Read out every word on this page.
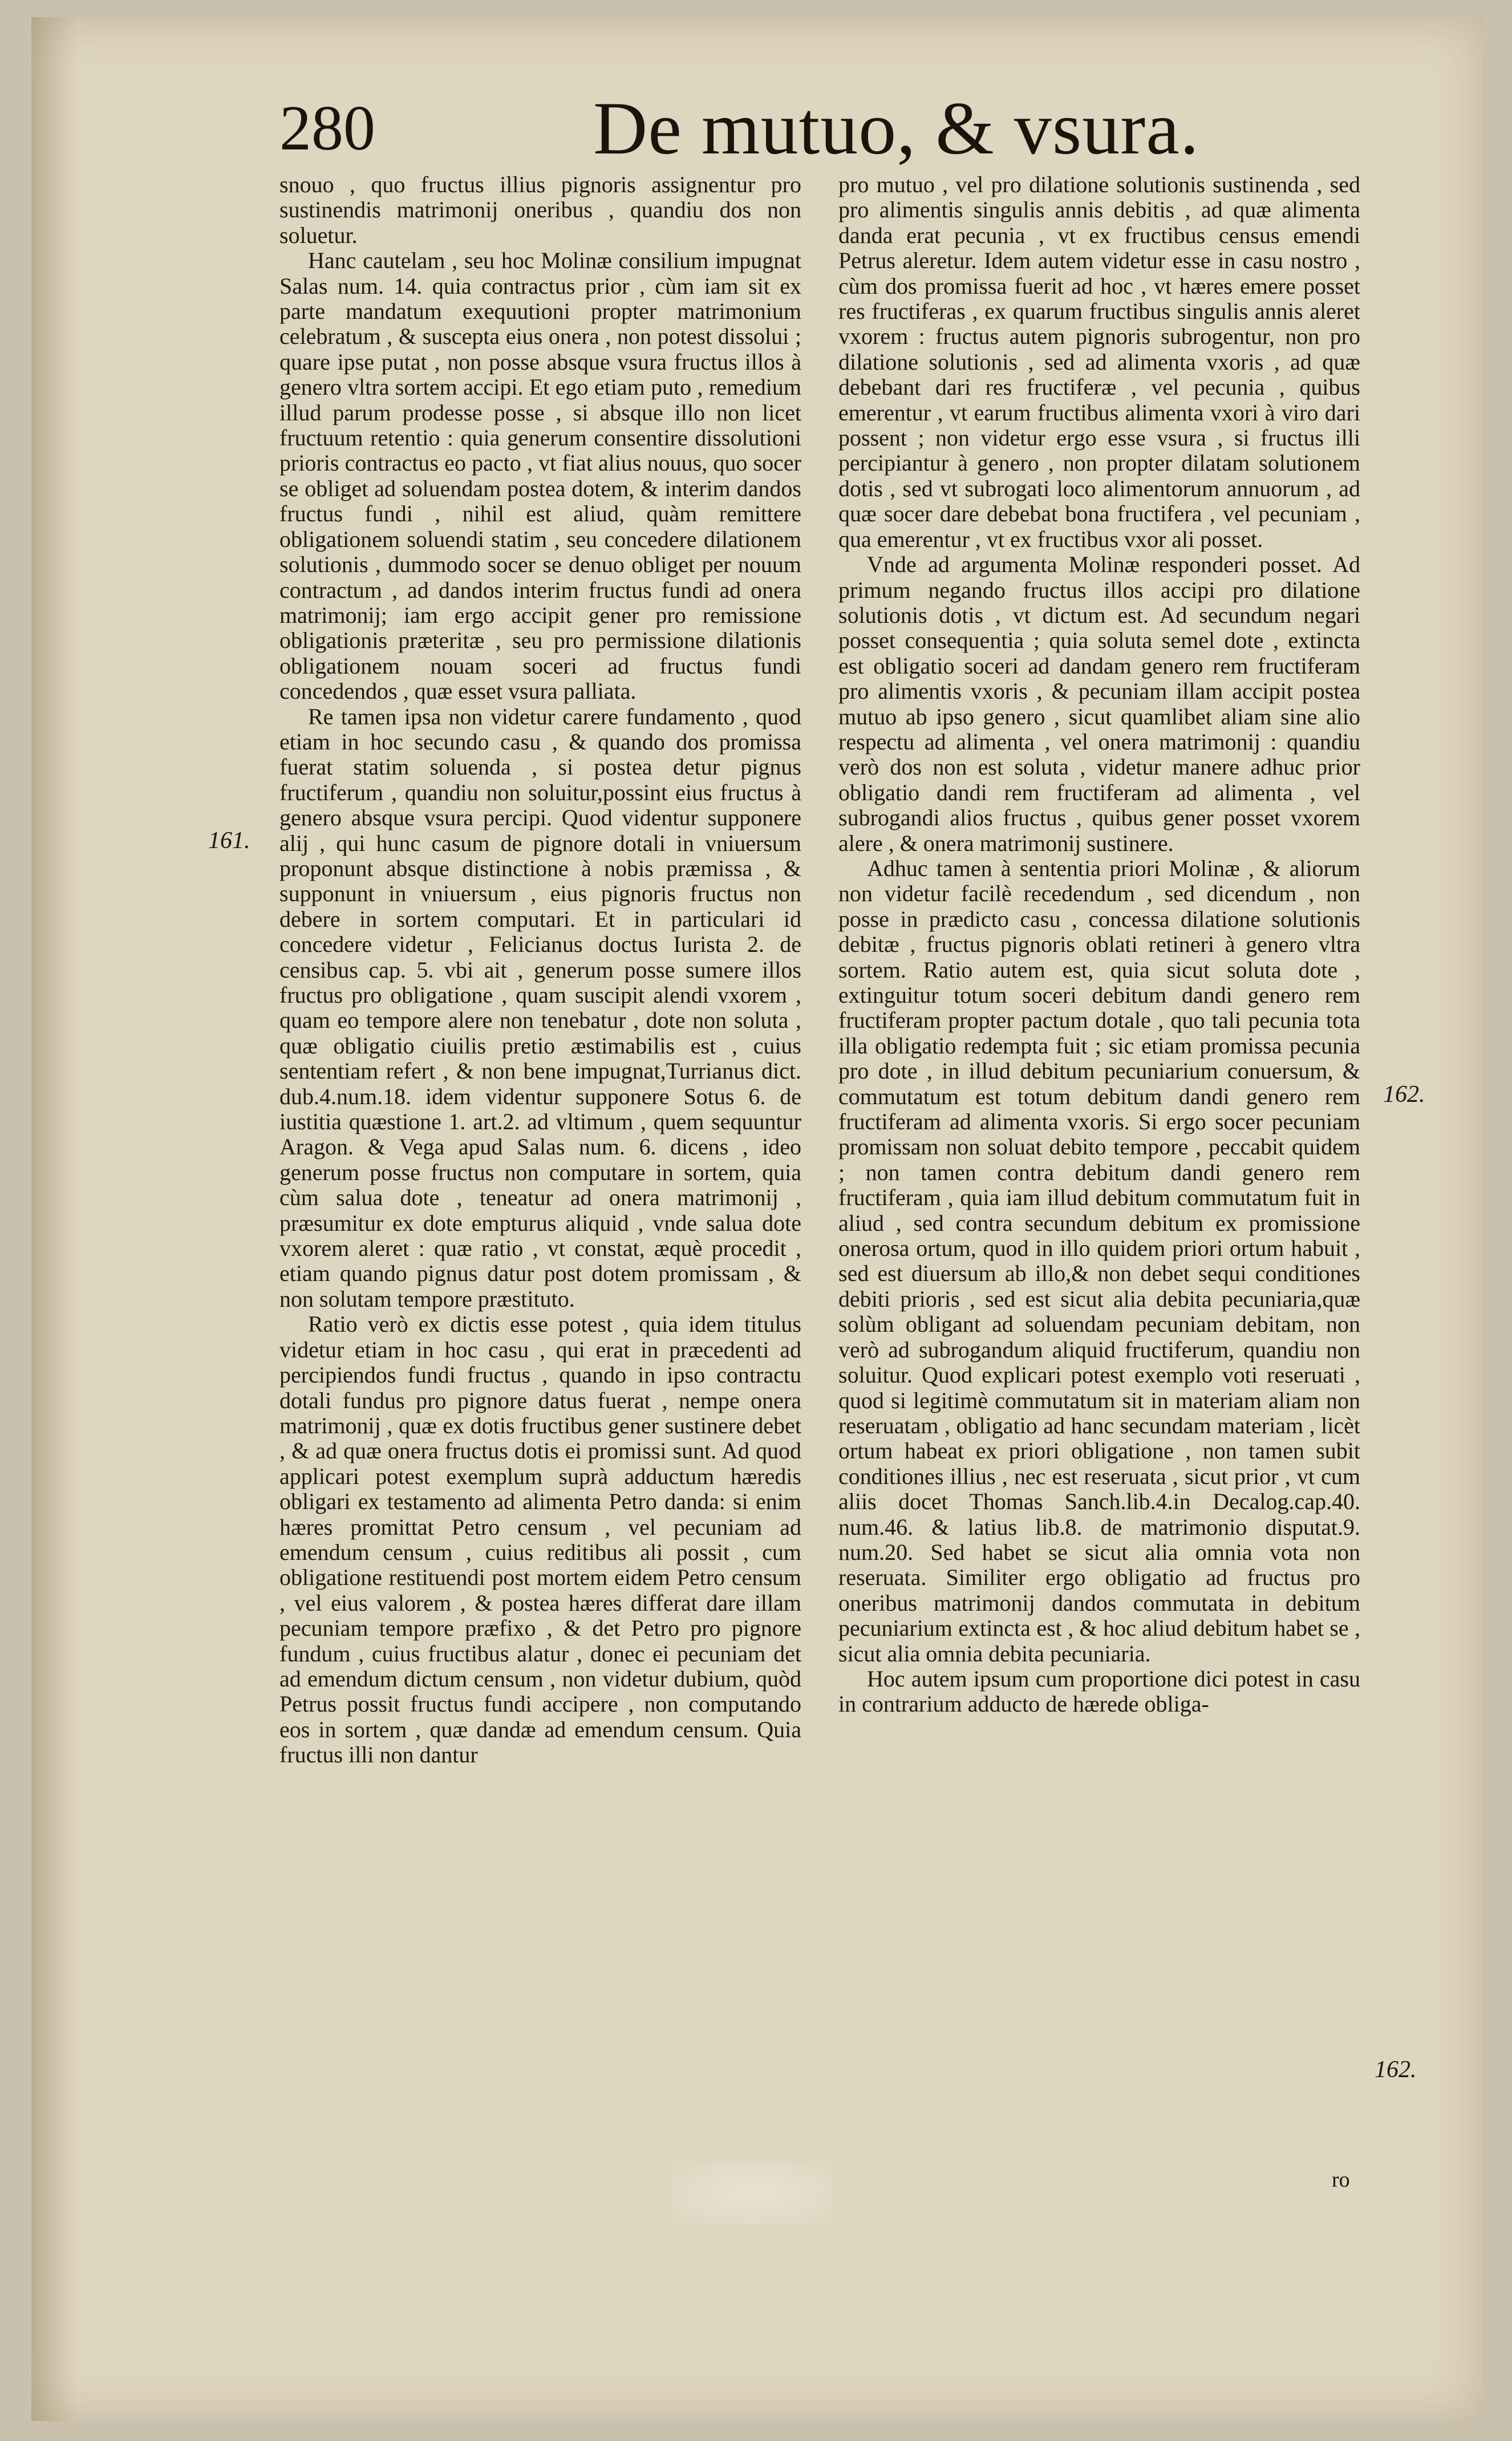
280	De mutuo, & vsura.

snouo , quo fructus illius pignoris assignentur pro sustinendis matrimonij oneribus , quandiu dos non soluetur.

Hanc cautelam , seu hoc Molinæ consilium impugnat Salas num. 14. quia contractus prior , cùm iam sit ex parte mandatum exequutioni propter matrimonium celebratum , & susceptа eius onera , non potest dissolui ; quare ipse putat , non posse absque vsura fructus illos à genero vltra sortem accipi. Et ego etiam puto , remedium illud parum prodesse posse , si absque illo non licet fructuum retentio : quia generum consentire dissolutioni prioris contractus eo pacto , vt fiat alius nouus, quo socer se obliget ad soluendam postea dotem, & interim dandos fructus fundi , nihil est aliud, quàm remittere obligationem soluendi statim , seu concedere dilationem solutionis , dummodo socer se denuo obliget per nouum contractum , ad dandos interim fructus fundi ad onera matrimonij; iam ergo accipit gener pro remissione obligationis præteritæ , seu pro permissione dilationis obligationem nouam soceri ad fructus fundi concedendos , quæ esset vsura palliata.

Re tamen ipsa non videtur carere fundamento , quod etiam in hoc secundo casu , & quando dos promissa fuerat statim soluenda , si postea detur pignus fructiferum , quandiu non soluitur,possint eius fructus à genero absque vsura percipi. Quod videntur supponere alij , qui hunc casum de pignore dotali in vniuersum proponunt absque distinctione à nobis præmissa , & supponunt in vniuersum , eius pignoris fructus non debere in sortem computari. Et in particulari id concedere videtur , Felicianus doctus Iurista 2. de censibus cap. 5. vbi ait , generum posse sumere illos fructus pro obligatione , quam suscipit alendi vxorem , quam eo tempore alere non tenebatur , dote non soluta , quæ obligatio ciuilis pretio æstimabilis est , cuius sententiam refert , & non bene impugnat,Turrianus dict. dub.4.num.18. idem videntur supponere Sotus 6. de iustitia quæstione 1. art.2. ad vltimum , quem sequuntur Aragon. & Vega apud Salas num. 6. dicens , ideo generum posse fructus non computare in sortem, quia cùm salua dote , teneatur ad onera matrimonij , præsumitur ex dote empturus aliquid , vnde salua dote vxorem aleret : quæ ratio , vt constat, æquè procedit , etiam quando pignus datur post dotem promissam , & non solutam tempore præstituto.

Ratio verò ex dictis esse potest , quia idem titulus videtur etiam in hoc casu , qui erat in præcedenti ad percipiendos fundi fructus , quando in ipso contractu dotali fundus pro pignore datus fuerat , nempe onera matrimonij , quæ ex dotis fructibus gener sustinere debet , & ad quæ onera fructus dotis ei promissi sunt. Ad quod applicari potest exemplum suprà adductum hæredis obligari ex testamento ad alimenta Petro danda: si enim hæres promittat Petro censum , vel pecuniam ad emendum censum , cuius reditibus ali possit , cum obligatione restituendi post mortem eidem Petro censum , vel eius valorem , & postea hæres differat dare illam pecuniam tempore præfixo , & det Petro pro pignore fundum , cuius fructibus alatur , donec ei pecuniam det ad emendum dictum censum , non videtur dubium, quòd Petrus possit fructus fundi accipere , non computando eos in sortem , quæ dandæ ad emendum censum. Quia fructus illi non dantur

pro mutuo , vel pro dilatione solutionis sustinenda , sed pro alimentis singulis annis debitis , ad quæ alimenta danda erat pecunia , vt ex fructibus census emendi Petrus aleretur. Idem autem videtur esse in casu nostro , cùm dos promissa fuerit ad hoc , vt hæres emere posset res fructiferas , ex quarum fructibus singulis annis aleret vxorem : fructus autem pignoris subrogentur, non pro dilatione solutionis , sed ad alimenta vxoris , ad quæ debebant dari res fructiferæ , vel pecunia , quibus emerentur , vt earum fructibus alimenta vxori à viro dari possent ; non videtur ergo esse vsura , si fructus illi percipiantur à genero , non propter dilatam solutionem dotis , sed vt subrogati loco alimentorum annuorum , ad quæ socer dare debebat bona fructifera , vel pecuniam , qua emerentur , vt ex fructibus vxor ali posset.

Vnde ad argumenta Molinæ responderi posset. Ad primum negando fructus illos accipi pro dilatione solutionis dotis , vt dictum est. Ad secundum negari posset consequentia ; quia soluta semel dote , extincta est obligatio soceri ad dandam genero rem fructiferam pro alimentis vxoris , & pecuniam illam accipit postea mutuo ab ipso genero , sicut quamlibet aliam sine alio respectu ad alimenta , vel onera matrimonij : quandiu verò dos non est soluta , videtur manere adhuc prior obligatio dandi rem fructiferam ad alimenta , vel subrogandi alios fructus , quibus gener posset vxorem alere , & onera matrimonij sustinere.

Adhuc tamen à sententia priori Molinæ , & aliorum non videtur facilè recedendum , sed dicendum , non posse in prædicto casu , concessa dilatione solutionis debitæ , fructus pignoris oblati retineri à genero vltra sortem. Ratio autem est, quia sicut soluta dote , extinguitur totum soceri debitum dandi genero rem fructiferam propter pactum dotale , quo tali pecunia tota illa obligatio redempta fuit ; sic etiam promissa pecunia pro dote , in illud debitum pecuniarium conuersum, & commutatum est totum debitum dandi genero rem fructiferam ad alimenta vxoris. Si ergo socer pecuniam promissam non soluat debito tempore , peccabit quidem ; non tamen contra debitum dandi genero rem fructiferam , quia iam illud debitum commutatum fuit in aliud , sed contra secundum debitum ex promissione onerosa ortum, quod in illo quidem priori ortum habuit , sed est diuersum ab illo,& non debet sequi conditiones debiti prioris , sed est sicut alia debita pecuniaria,quæ solùm obligant ad soluendam pecuniam debitam, non verò ad subrogandum aliquid fructiferum, quandiu non soluitur. Quod explicari potest exemplo voti reseruati , quod si legitimè commutatum sit in materiam aliam non reseruatam , obligatio ad hanc secundam materiam , licèt ortum habeat ex priori obligatione , non tamen subit conditiones illius , nec est reseruata , sicut prior , vt cum aliis docet Thomas Sanch.lib.4.in Decalog.cap.40. num.46. & latius lib.8. de matrimonio disputat.9. num.20. Sed habet se sicut alia omnia vota non reseruata. Similiter ergo obligatio ad fructus pro oneribus matrimonij dandos commutata in debitum pecuniarium extincta est , & hoc aliud debitum habet se , sicut alia omnia debita pecuniaria.

Hoc autem ipsum cum proportione dici potest in casu in contrarium adducto de hærede obliga-

161.
162.
162.
ro
